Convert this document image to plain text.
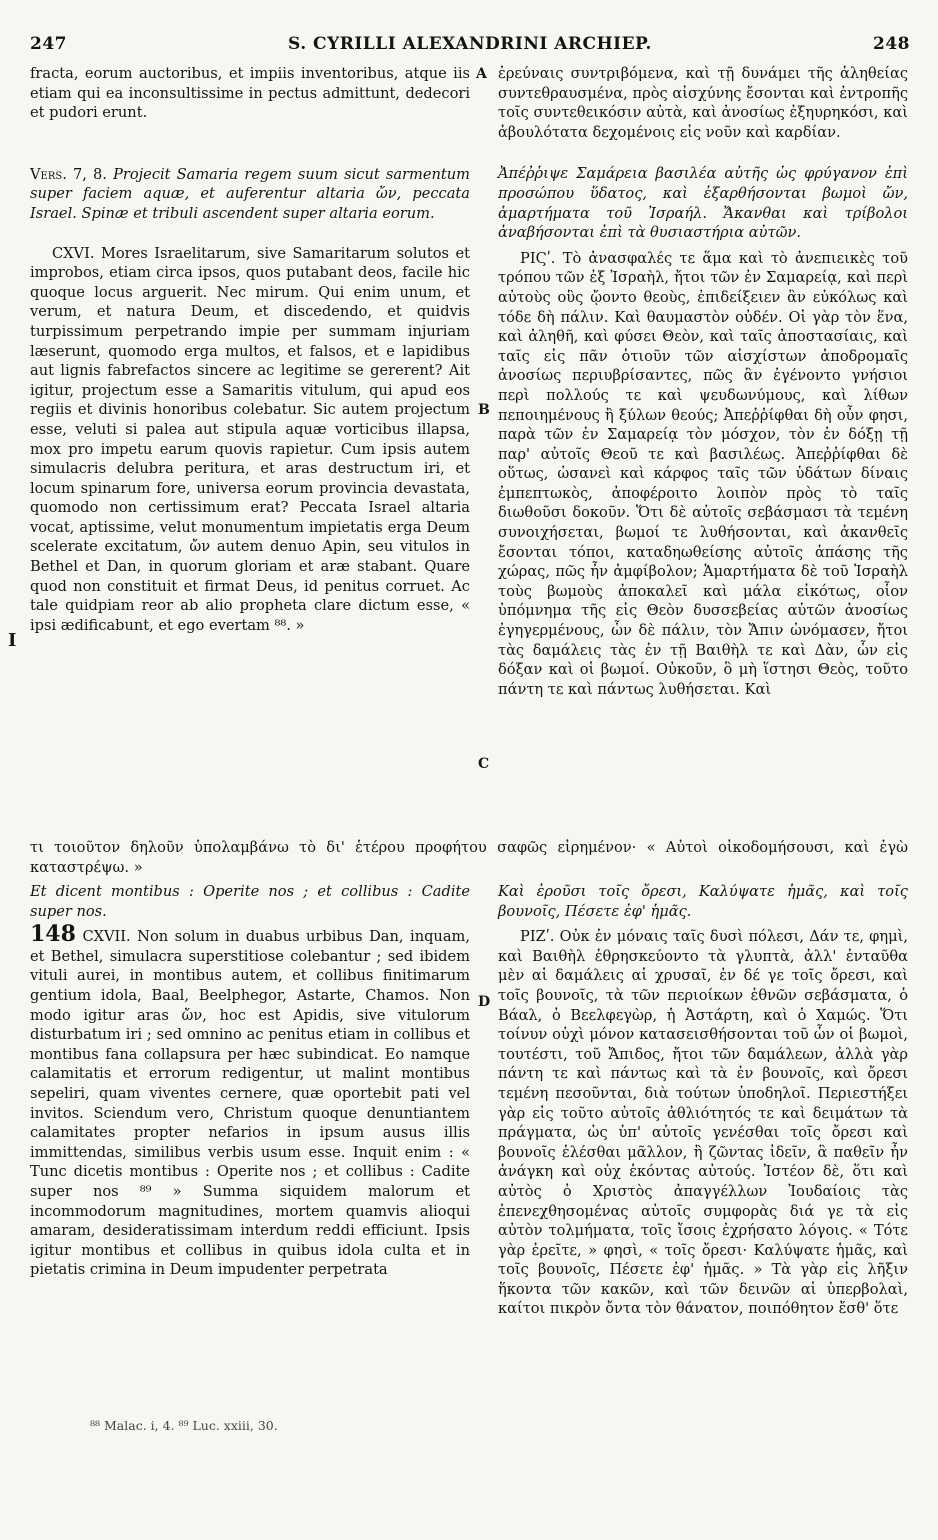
247	S. CYRILLI ALEXANDRINI ARCHIEP.	248
A
B
C
D
I

fracta, eorum auctoribus, et impiis inventoribus, atque iis etiam qui ea inconsultissime in pectus admittunt, dedecori et pudori erunt.

Vers. 7, 8. Projecit Samaria regem suum sicut sarmentum super faciem aquæ, et auferentur altaria ὤν, peccata Israel. Spinæ et tribuli ascendent super altaria eorum.

CXVI. Mores Israelitarum, sive Samaritarum solutos et improbos, etiam circa ipsos, quos putabant deos, facile hic quoque locus arguerit. Nec mirum. Qui enim unum, et verum, et natura Deum, et discedendo, et quidvis turpissimum perpetrando impie per summam injuriam læserunt, quomodo erga multos, et falsos, et e lapidibus aut lignis fabrefactos sincere ac legitime se gererent? Ait igitur, projectum esse a Samaritis vitulum, qui apud eos regiis et divinis honoribus colebatur. Sic autem projectum esse, veluti si palea aut stipula aquæ vorticibus illapsa, mox pro impetu earum quovis rapietur. Cum ipsis autem simulacris delubra peritura, et aras destructum iri, et locum spinarum fore, universa eorum provincia devastata, quomodo non certissimum erat? Peccata Israel altaria vocat, aptissime, velut monumentum impietatis erga Deum scelerate excitatum, ὤν autem denuo Apin, seu vitulos in Bethel et Dan, in quorum gloriam et aræ stabant. Quare quod non constituit et firmat Deus, id penitus corruet. Ac tale quidpiam reor ab alio propheta clare dictum esse, « ipsi ædificabunt, et ego evertam ⁸⁸. »

ἐρεύναις συντριβόμενα, καὶ τῇ δυνάμει τῆς ἀληθείας συντεθραυσμένα, πρὸς αἰσχύνης ἔσονται καὶ ἐντροπῆς τοῖς συντεθεικόσιν αὐτὰ, καὶ ἀνοσίως ἐξηυρηκόσι, καὶ ἀβουλότατα δεχομένοις εἰς νοῦν καὶ καρδίαν.

Ἀπέῤῥιψε Σαμάρεια βασιλέα αὐτῆς ὡς φρύγανον ἐπὶ προσώπου ὕδατος, καὶ ἐξαρθήσονται βωμοὶ ὤν, ἁμαρτήματα τοῦ Ἰσραήλ. Ἄκανθαι καὶ τρίβολοι ἀναβήσονται ἐπὶ τὰ θυσιαστήρια αὐτῶν.

ΡΙϚʹ. Τὸ ἀνασφαλές τε ἅμα καὶ τὸ ἀνεπιεικὲς τοῦ τρόπου τῶν ἐξ Ἰσραὴλ, ἤτοι τῶν ἐν Σαμαρείᾳ, καὶ περὶ αὐτοὺς οὓς ᾤοντο θεοὺς, ἐπιδείξειεν ἂν εὐκόλως καὶ τόδε δὴ πάλιν. Καὶ θαυμαστὸν οὐδέν. Οἱ γὰρ τὸν ἕνα, καὶ ἀληθῆ, καὶ φύσει Θεὸν, καὶ ταῖς ἀποστασίαις, καὶ ταῖς εἰς πᾶν ὁτιοῦν τῶν αἰσχίστων ἀποδρομαῖς ἀνοσίως περιυβρίσαντες, πῶς ἂν ἐγένοντο γνήσιοι περὶ πολλούς τε καὶ ψευδωνύμους, καὶ λίθων πεποιημένους ἢ ξύλων θεούς; Ἀπεῤῥίφθαι δὴ οὖν φησι, παρὰ τῶν ἐν Σαμαρείᾳ τὸν μόσχον, τὸν ἐν δόξῃ τῇ παρ' αὐτοῖς Θεοῦ τε καὶ βασιλέως. Ἀπεῤῥίφθαι δὲ οὕτως, ὡσανεὶ καὶ κάρφος ταῖς τῶν ὑδάτων δίναις ἐμπεπτωκὸς, ἀποφέροιτο λοιπὸν πρὸς τὸ ταῖς διωθοῦσι δοκοῦν. Ὅτι δὲ αὐτοῖς σεβάσμασι τὰ τεμένη συνοιχήσεται, βωμοί τε λυθήσονται, καὶ ἀκανθεῖς ἔσονται τόποι, καταδηωθείσης αὐτοῖς ἁπάσης τῆς χώρας, πῶς ἦν ἀμφίβολον; Ἁμαρτήματα δὲ τοῦ Ἰσραὴλ τοὺς βωμοὺς ἀποκαλεῖ καὶ μάλα εἰκότως, οἷον ὑπόμνημα τῆς εἰς Θεὸν δυσσεβείας αὐτῶν ἀνοσίως ἐγηγερμένους, ὧν δὲ πάλιν, τὸν Ἄπιν ὠνόμασεν, ἤτοι τὰς δαμάλεις τὰς ἐν τῇ Βαιθὴλ τε καὶ Δὰν, ὧν εἰς δόξαν καὶ οἱ βωμοί. Οὐκοῦν, ὃ μὴ ἵστησι Θεὸς, τοῦτο πάντη τε καὶ πάντως λυθήσεται. Καὶ

τι τοιοῦτον δηλοῦν ὑπολαμβάνω τὸ δι' ἑτέρου προφήτου σαφῶς εἰρημένον· « Αὐτοὶ οἰκοδομήσουσι, καὶ ἐγὼ καταστρέψω. »

Et dicent montibus : Operite nos ; et collibus : Cadite super nos.

148 CXVII. Non solum in duabus urbibus Dan, inquam, et Bethel, simulacra superstitiose colebantur ; sed ibidem vituli aurei, in montibus autem, et collibus finitimarum gentium idola, Baal, Beelphegor, Astarte, Chamos. Non modo igitur aras ὤν, hoc est Apidis, sive vitulorum disturbatum iri ; sed omnino ac penitus etiam in collibus et montibus fana collapsura per hæc subindicat. Eo namque calamitatis et errorum redigentur, ut malint montibus sepeliri, quam viventes cernere, quæ oportebit pati vel invitos. Sciendum vero, Christum quoque denuntiantem calamitates propter nefarios in ipsum ausus illis immittendas, similibus verbis usum esse. Inquit enim : « Tunc dicetis montibus : Operite nos ; et collibus : Cadite super nos ⁸⁹ » Summa siquidem malorum et incommodorum magnitudines, mortem quamvis alioqui amaram, desideratissimam interdum reddi efficiunt. Ipsis igitur montibus et collibus in quibus idola culta et in pietatis crimina in Deum impudenter perpetrata

Καὶ ἐροῦσι τοῖς ὄρεσι, Καλύψατε ἡμᾶς, καὶ τοῖς βουνοῖς, Πέσετε ἐφ' ἡμᾶς.

ΡΙΖʹ. Οὐκ ἐν μόναις ταῖς δυσὶ πόλεσι, Δάν τε, φημὶ, καὶ Βαιθὴλ ἐθρησκεύοντο τὰ γλυπτὰ, ἀλλ' ἐνταῦθα μὲν αἱ δαμάλεις αἱ χρυσαῖ, ἐν δέ γε τοῖς ὄρεσι, καὶ τοῖς βουνοῖς, τὰ τῶν περιοίκων ἐθνῶν σεβάσματα, ὁ Βάαλ, ὁ Βεελφεγὼρ, ἡ Ἀστάρτη, καὶ ὁ Χαμώς. Ὅτι τοίνυν οὐχὶ μόνον κατασεισθήσονται τοῦ ὧν οἱ βωμοὶ, τουτέστι, τοῦ Ἄπιδος, ἤτοι τῶν δαμάλεων, ἀλλὰ γὰρ πάντη τε καὶ πάντως καὶ τὰ ἐν βουνοῖς, καὶ ὄρεσι τεμένη πεσοῦνται, διὰ τούτων ὑποδηλοῖ. Περιεστήξει γὰρ εἰς τοῦτο αὐτοῖς ἀθλιότητός τε καὶ δειμάτων τὰ πράγματα, ὡς ὑπ' αὐτοῖς γενέσθαι τοῖς ὄρεσι καὶ βουνοῖς ἑλέσθαι μᾶλλον, ἢ ζῶντας ἰδεῖν, ἃ παθεῖν ἦν ἀνάγκη καὶ οὐχ ἑκόντας αὐτούς. Ἰστέον δὲ, ὅτι καὶ αὐτὸς ὁ Χριστὸς ἀπαγγέλλων Ἰουδαίοις τὰς ἐπενεχθησομένας αὐτοῖς συμφορὰς διά γε τὰ εἰς αὐτὸν τολμήματα, τοῖς ἴσοις ἐχρήσατο λόγοις. « Τότε γὰρ ἐρεῖτε, » φησὶ, « τοῖς ὄρεσι· Καλύψατε ἡμᾶς, καὶ τοῖς βουνοῖς, Πέσετε ἐφ' ἡμᾶς. » Τὰ γὰρ εἰς λῆξιν ἥκοντα τῶν κακῶν, καὶ τῶν δεινῶν αἱ ὑπερβολαὶ, καίτοι πικρὸν ὄντα τὸν θάνατον, ποιπόθητον ἔσθ' ὅτε

⁸⁸ Malac. i, 4. ⁸⁹ Luc. xxiii, 30.
